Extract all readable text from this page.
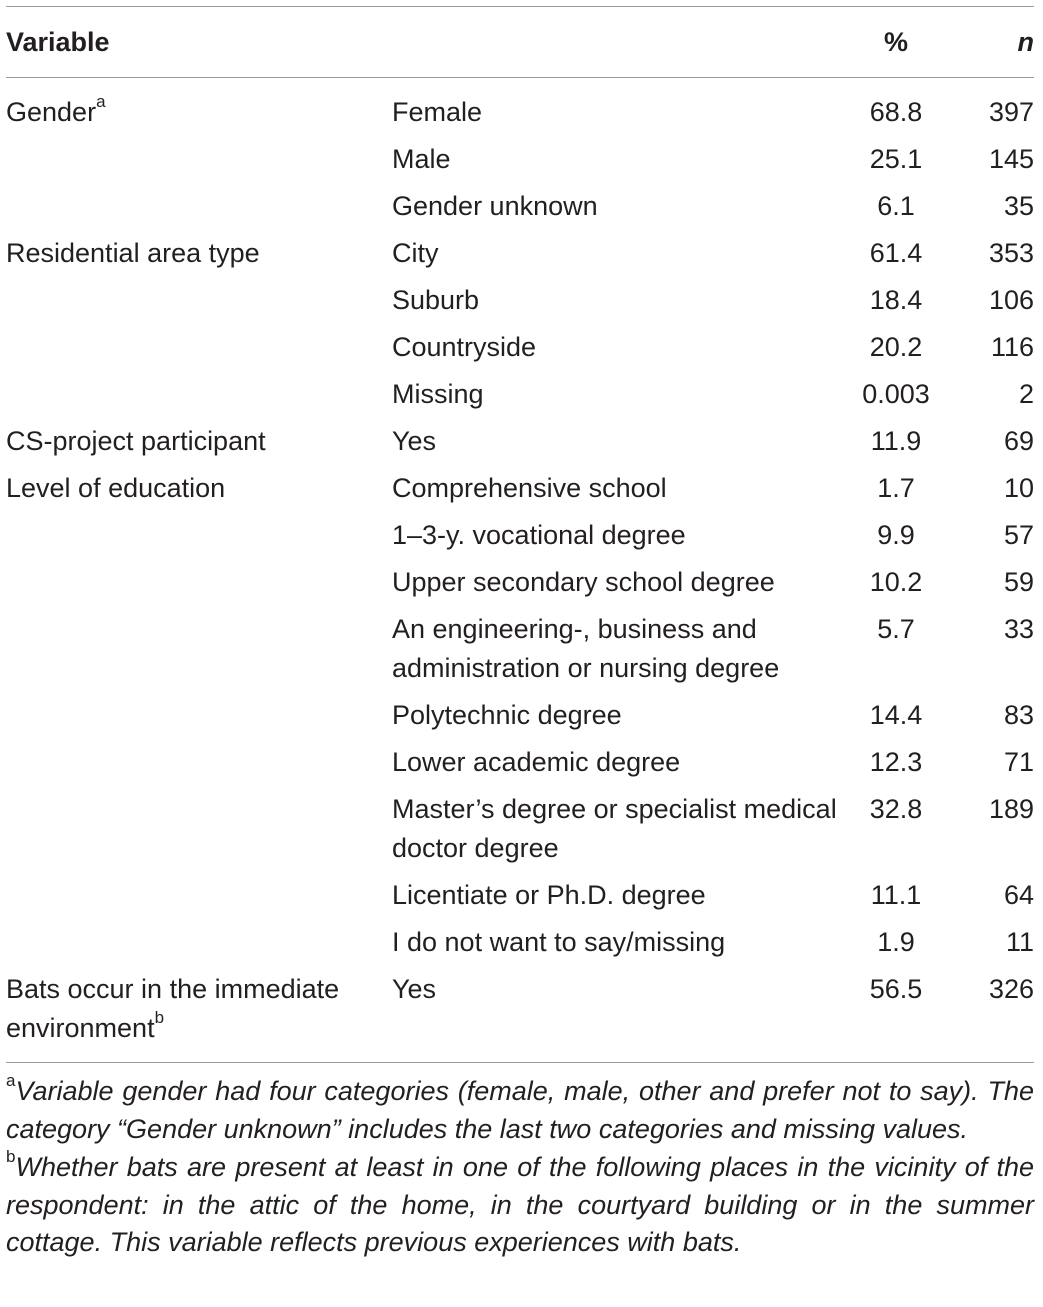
Variable		%	n
Gender$^a$	Female	68.8	397
	Male	25.1	145
	Gender unknown	6.1	35
Residential area type	City	61.4	353
	Suburb	18.4	106
	Countryside	20.2	116
	Missing	0.003	2
CS-project participant	Yes	11.9	69
Level of education	Comprehensive school	1.7	10
	1–3-y. vocational degree	9.9	57
	Upper secondary school degree	10.2	59
	An engineering-, business and administration or nursing degree	5.7	33
	Polytechnic degree	14.4	83
	Lower academic degree	12.3	71
	Master’s degree or specialist medical doctor degree	32.8	189
	Licentiate or Ph.D. degree	11.1	64
	I do not want to say/missing	1.9	11
Bats occur in the immediate environment$^b$	Yes	56.5	326

$^a$Variable gender had four categories (female, male, other and prefer not to say). The category “Gender unknown” includes the last two categories and missing values.

$^b$Whether bats are present at least in one of the following places in the vicinity of the respondent: in the attic of the home, in the courtyard building or in the summer cottage. This variable reflects previous experiences with bats.
